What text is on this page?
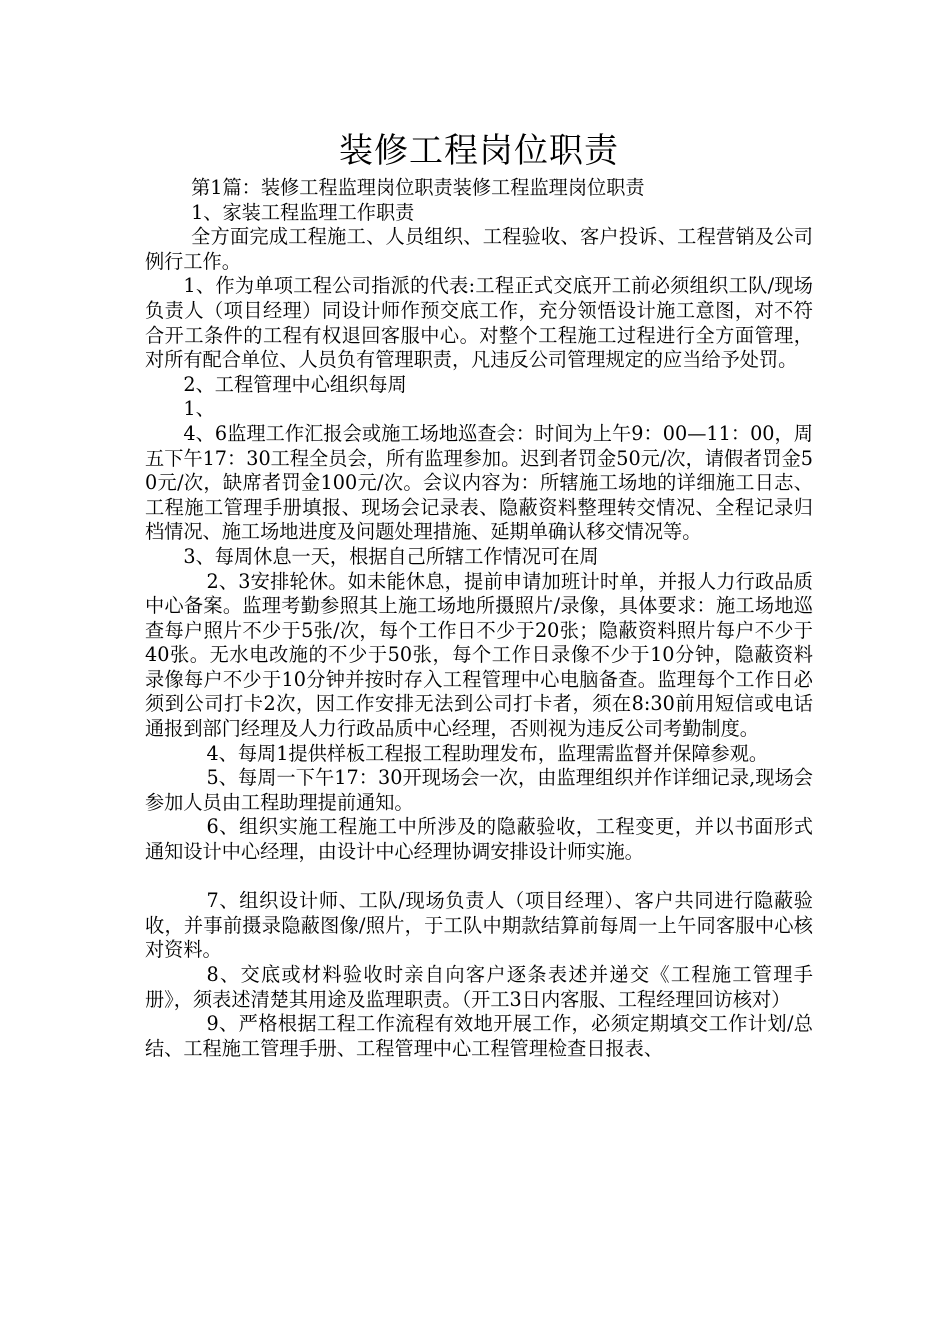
装修工程岗位职责

第1篇：装修工程监理岗位职责装修工程监理岗位职责

1、家装工程监理工作职责

全方面完成工程施工、人员组织、工程验收、客户投诉、工程营销及公司例行工作。

1、作为单项工程公司指派的代表:工程正式交底开工前必须组织工队/现场负责人（项目经理）同设计师作预交底工作，充分领悟设计施工意图，对不符合开工条件的工程有权退回客服中心。对整个工程施工过程进行全方面管理，对所有配合单位、人员负有管理职责，凡违反公司管理规定的应当给予处罚。

2、工程管理中心组织每周

1、

4、6监理工作汇报会或施工场地巡查会：时间为上午9：00—11：00，周五下午17：30工程全员会，所有监理参加。迟到者罚金50元/次，请假者罚金50元/次，缺席者罚金100元/次。会议内容为：所辖施工场地的详细施工日志、工程施工管理手册填报、现场会记录表、隐蔽资料整理转交情况、全程记录归档情况、施工场地进度及问题处理措施、延期单确认移交情况等。

3、每周休息一天，根据自己所辖工作情况可在周

2、3安排轮休。如未能休息，提前申请加班计时单，并报人力行政品质中心备案。监理考勤参照其上施工场地所摄照片/录像，具体要求：施工场地巡查每户照片不少于5张/次，每个工作日不少于20张；隐蔽资料照片每户不少于40张。无水电改施的不少于50张，每个工作日录像不少于10分钟，隐蔽资料录像每户不少于10分钟并按时存入工程管理中心电脑备查。监理每个工作日必须到公司打卡2次，因工作安排无法到公司打卡者，须在8:30前用短信或电话通报到部门经理及人力行政品质中心经理，否则视为违反公司考勤制度。

4、每周1提供样板工程报工程助理发布，监理需监督并保障参观。

5、每周一下午17：30开现场会一次，由监理组织并作详细记录,现场会参加人员由工程助理提前通知。

6、组织实施工程施工中所涉及的隐蔽验收，工程变更，并以书面形式通知设计中心经理，由设计中心经理协调安排设计师实施。

7、组织设计师、工队/现场负责人（项目经理）、客户共同进行隐蔽验收，并事前摄录隐蔽图像/照片，于工队中期款结算前每周一上午同客服中心核对资料。

8、交底或材料验收时亲自向客户逐条表述并递交《工程施工管理手册》，须表述清楚其用途及监理职责。（开工3日内客服、工程经理回访核对）

9、严格根据工程工作流程有效地开展工作，必须定期填交工作计划/总结、工程施工管理手册、工程管理中心工程管理检查日报表、
